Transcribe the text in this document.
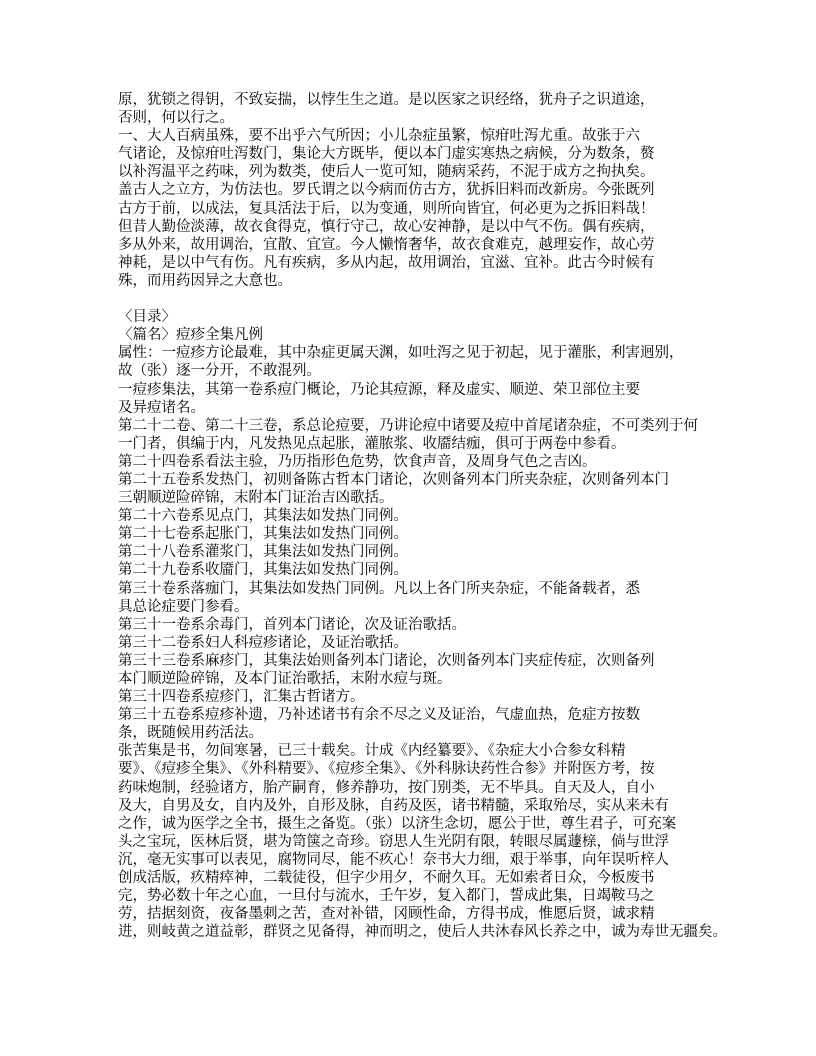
原，犹锁之得钥，不致妄揣，以悖生生之道。是以医家之识经络，犹舟子之识道途，
否则，何以行之。
一、大人百病虽殊，要不出乎六气所因；小儿杂症虽繁，惊疳吐泻尤重。故张于六
气诸论，及惊疳吐泻数门，集论大方既毕，便以本门虚实寒热之病候，分为数条，赘
以补泻温平之药味，列为数类，使后人一览可知，随病采药，不泥于成方之拘执矣。
盖古人之立方，为仿法也。罗氏谓之以今病而仿古方，犹拆旧料而改新房。今张既列
古方于前，以成法，复具活法于后，以为变通，则所向皆宜，何必更为之拆旧料哉！
但昔人勤俭淡薄，故衣食得克，慎行守己，故心安神静，是以中气不伤。偶有疾病，
多从外来，故用调治，宜散、宜宣。今人懒惰奢华，故衣食难克，越理妄作，故心劳
神耗，是以中气有伤。凡有疾病，多从内起，故用调治，宜滋、宜补。此古今时候有
殊，而用药因异之大意也。

〈目录〉
〈篇名〉痘疹全集凡例
属性：一痘疹方论最难，其中杂症更属天渊，如吐泻之见于初起，见于灌胀，利害迥别，
故（张）逐一分开，不敢混列。
一痘疹集法，其第一卷系痘门概论，乃论其痘源，释及虚实、顺逆、荣卫部位主要
及异痘诸名。
第二十二卷、第二十三卷，系总论痘要，乃讲论痘中诸要及痘中首尾诸杂症，不可类列于何
一门者，俱编于内，凡发热见点起胀，灌脓浆、收靥结痂，俱可于两卷中参看。
第二十四卷系看法主验，乃历指形色危势，饮食声音，及周身气色之吉凶。
第二十五卷系发热门，初则备陈古哲本门诸论，次则备列本门所夹杂症，次则备列本门
三朝顺逆险碎锦，末附本门证治吉凶歌括。
第二十六卷系见点门，其集法如发热门同例。
第二十七卷系起胀门，其集法如发热门同例。
第二十八卷系灌浆门，其集法如发热门同例。
第二十九卷系收靥门，其集法如发热门同例。
第三十卷系落痂门，其集法如发热门同例。凡以上各门所夹杂症，不能备载者，悉
具总论症要门参看。
第三十一卷系余毒门，首列本门诸论，次及证治歌括。
第三十二卷系妇人科痘疹诸论，及证治歌括。
第三十三卷系麻疹门，其集法始则备列本门诸论，次则备列本门夹症传症，次则备列
本门顺逆险碎锦，及本门证治歌括，末附水痘与斑。
第三十四卷系痘疹门，汇集古哲诸方。
第三十五卷系痘疹补遗，乃补述诸书有余不尽之义及证治，气虚血热，危症方按数
条，既随候用药活法。
张苦集是书，勿间寒暑，已三十载矣。计成《内经纂要》、《杂症大小合参女科精
要》、《痘疹全集》、《外科精要》、《痘疹全集》、《外科脉诀药性合参》并附医方考，按
药味炮制，经验诸方，胎产嗣育，修养静功，按门别类，无不毕具。自天及人，自小
及大，自男及女，自内及外，自形及脉，自药及医，诸书精髓，采取殆尽，实从来未有
之作，诚为医学之全书，摄生之备览。（张）以济生念切，愿公于世，尊生君子，可充案
头之宝玩，医林后贤，堪为笥箧之奇珍。窃思人生光阴有限，转眼尽属蘧榇，倘与世浮
沉，毫无实事可以表见，腐物同尽，能不疚心！奈书大力细，艰于举事，向年误听梓人
创成活版，疚精瘁神，二载徒役，但字少用夕，不耐久耳。无如索者日众，今板废书
完，势必数十年之心血，一旦付与流水，壬午岁，复入都门，誓成此集，日竭鞍马之
劳，拮据刻资，夜备墨刺之苦，查对补错，冈顾性命，方得书成，惟愿后贤，诚求精
进，则岐黄之道益彰，群贤之见备得，神而明之，使后人共沐春风长养之中，诚为寿世无疆矣。
